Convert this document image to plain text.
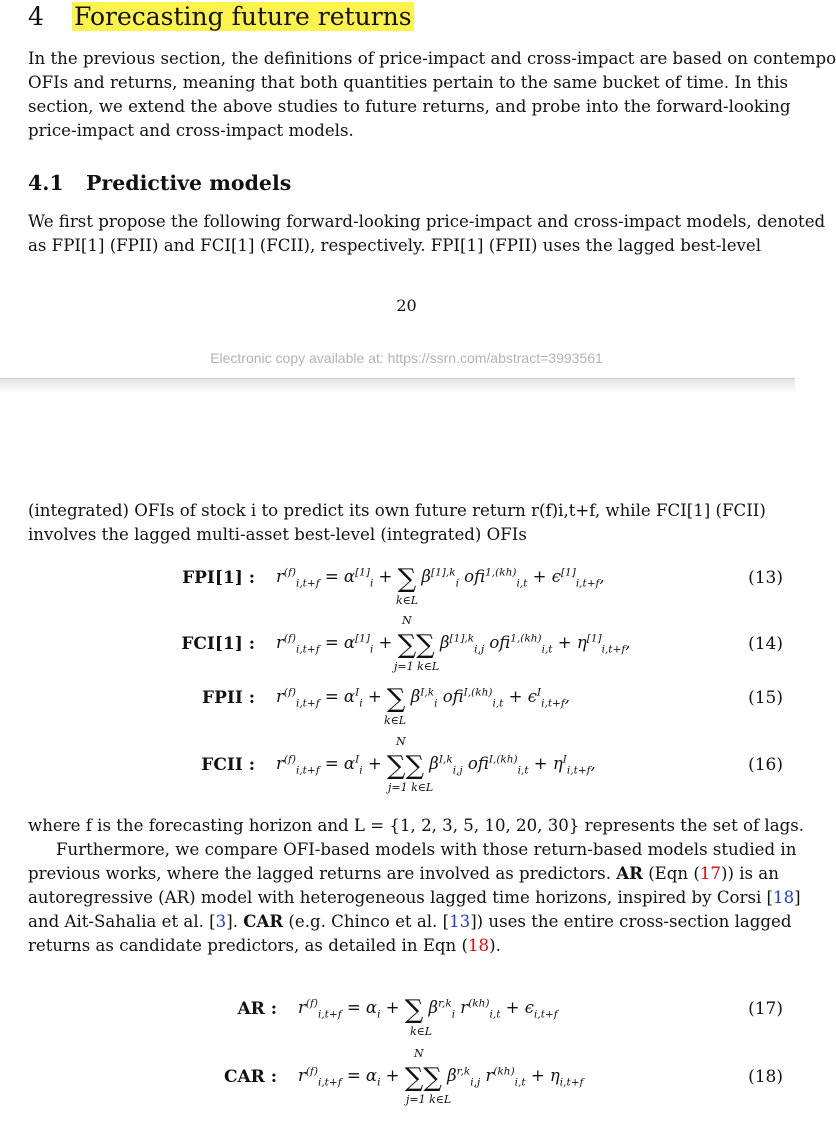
4 Forecasting future returns
In the previous section, the definitions of price-impact and cross-impact are based on contempo
OFIs and returns, meaning that both quantities pertain to the same bucket of time. In this
section, we extend the above studies to future returns, and probe into the forward-looking
price-impact and cross-impact models.
4.1 Predictive models
We first propose the following forward-looking price-impact and cross-impact models, denoted
as FPI[1] (FPII) and FCI[1] (FCII), respectively. FPI[1] (FPII) uses the lagged best-level
20
Electronic copy available at: https://ssrn.com/abstract=3993561
(integrated) OFIs of stock i to predict its own future return r(f)i,t+f, while FCI[1] (FCII)
involves the lagged multi-asset best-level (integrated) OFIs
FPI[1] : $r^{(f)}_{i,t+f} = \alpha[1]_i$ + ∑ $\beta^{[1],k}_i$ $ofi^{1,(kh)}_{i,t} + \epsilon[1]_{i,t+f}$,
k∈L
(13)
FCI[1] : $r^{(f)}_{i,t+f} = \alpha[1]_i$ + ∑∑ $\beta^{[1],k}_{i,j}$ $ofi^{1,(kh)}_{i,t} + \eta[1]_{i,t+f}$,
N
j=1 k∈L
(14)
FPII : $r^{(f)}_{i,t+f} = \alpha^I_i$ + ∑ $\beta^{I,k}_i$ $ofi^{I,(kh)}_{i,t} + \epsilon^I_{i,t+f}$,
k∈L
(15)
FCII : $r^{(f)}_{i,t+f} = \alpha^I_i$ + ∑∑ $\beta^{I,k}_{i,j}$ $ofi^{I,(kh)}_{i,t} + \eta^I_{i,t+f}$,
N
j=1 k∈L
(16)
where f is the forecasting horizon and L = {1, 2, 3, 5, 10, 20, 30} represents the set of lags.
Furthermore, we compare OFI-based models with those return-based models studied in
previous works, where the lagged returns are involved as predictors. AR (Eqn (17)) is an
autoregressive (AR) model with heterogeneous lagged time horizons, inspired by Corsi [18]
and Ait-Sahalia et al. [3]. CAR (e.g. Chinco et al. [13]) uses the entire cross-section lagged
returns as candidate predictors, as detailed in Eqn (18).
AR : $r^{(f)}_{i,t+f} = \alpha_i$ + ∑ $\beta^{r,k}_i$ $r^{(kh)}_{i,t} + \epsilon_{i,t+f}$
k∈L
(17)
CAR : $r^{(f)}_{i,t+f} = \alpha_i$ + ∑∑ $\beta^{r,k}_{i,j}$ $r^{(kh)}_{i,t} + \eta_{i,t+f}$
N
j=1 k∈L
(18)
